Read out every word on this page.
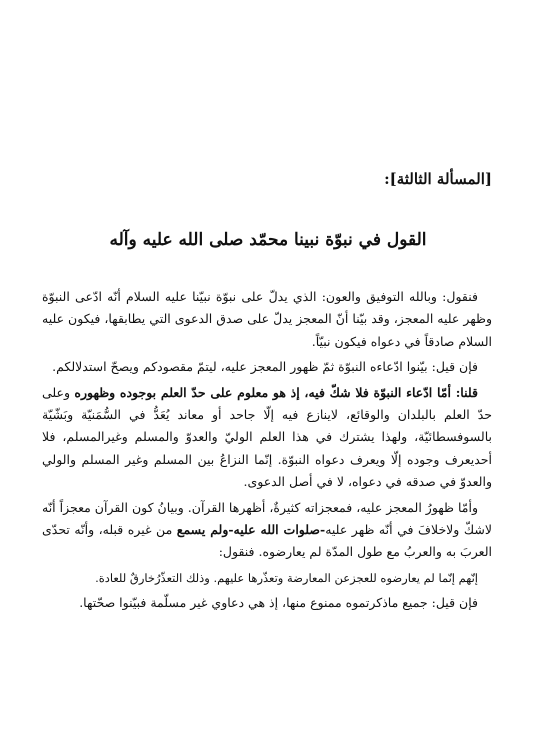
[المسألة الثالثة]:
القول في نبوّة نبينا محمّد صلى الله عليه وآله

فنقول: وبالله التوفيق والعون: الذي يدلّ على نبوّة نبيّنا عليه السلام أنّه ادّعى النبوّة وظهر عليه المعجز، وقد بيّنا أنّ المعجز يدلّ على صدق الدعوى التي يطابقها، فيكون عليه السلام صادقاً في دعواه فيكون نبيّاً.

فإن قيل: بيّنوا ادّعاءه النبوّة ثمّ ظهور المعجز عليه، ليتمّ مقصودكم ويصحّ استدلالكم.

قلنا: أمّا ادّعاء النبوّة فلا شكّ فيه، إذ هو معلوم على حدّ العلم بوجوده وظهوره وعلى حدّ العلم بالبلدان والوقائع، لاينازع فيه إلّا جاحد أو معاند يُعَدُّ في السُّمَنيّة وبَشّيّة بالسوفسطائيّة، ولهذا يشترك في هذا العلم الوليّ والعدوّ والمسلم وغيرالمسلم، فلا أحديعرف وجوده إلّا ويعرف دعواه النبوّة. إنّما النزاعُ بين المسلم وغير المسلم والولي والعدوّ في صدقه في دعواه، لا في أصل الدعوى.

وأمّا ظهورُ المعجز عليه، فمعجزاته كثيرةٌ، أظهرها القرآن. وبيانُ كون القرآن معجزاً أنّه لاشكّ ولاخلافَ في أنّه ظهر عليه-صلوات الله عليه-ولم يسمع من غيره قبله، وأنّه تحدّى العربَ به والعربُ مع طول المدّة لم يعارضوه. فنقول:

إنّهم إنّما لم يعارضوه للعجزعن المعارضة وتعذّرها عليهم. وذلك التعذّرُخارقٌ للعادة.

فإن قيل: جميع ماذكرتموه ممنوع منها، إذ هي دعاوي غير مسلّمة فبيّنوا صحّتها.
